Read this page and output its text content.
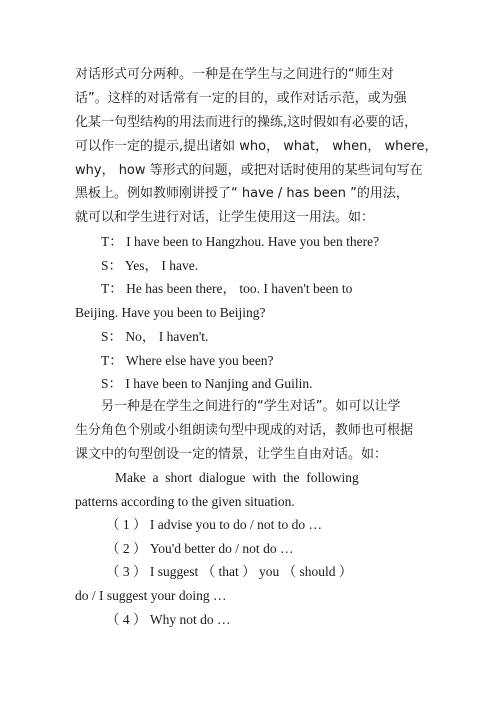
对话形式可分两种。一种是在学生与之间进行的“师生对
话”。这样的对话常有一定的目的，或作对话示范，或为强
化某一句型结构的用法而进行的操练,这时假如有必要的话，
可以作一定的提示,提出诸如 who， what， when， where，
why， how 等形式的问题，或把对话时使用的某些词句写在
黑板上。例如教师刚讲授了“ have / has been ”的用法，
就可以和学生进行对话，让学生使用这一用法。如：
T： I have been to Hangzhou. Have you ben there?
S： Yes， I have.
T： He has been there， too. I haven't been to
Beijing. Have you been to Beijing?
S： No， I haven't.
T： Where else have you been?
S： I have been to Nanjing and Guilin.
另一种是在学生之间进行的“学生对话”。如可以让学
生分角色个别或小组朗读句型中现成的对话，教师也可根据
课文中的句型创设一定的情景，让学生自由对话。如：
Make  a  short  dialogue  with  the  following
patterns according to the given situation.
（ 1 ） I advise you to do / not to do …
（ 2 ） You'd better do / not do …
（ 3 ） I suggest （ that ） you （ should ）
do / I suggest your doing …
（ 4 ） Why not do …
